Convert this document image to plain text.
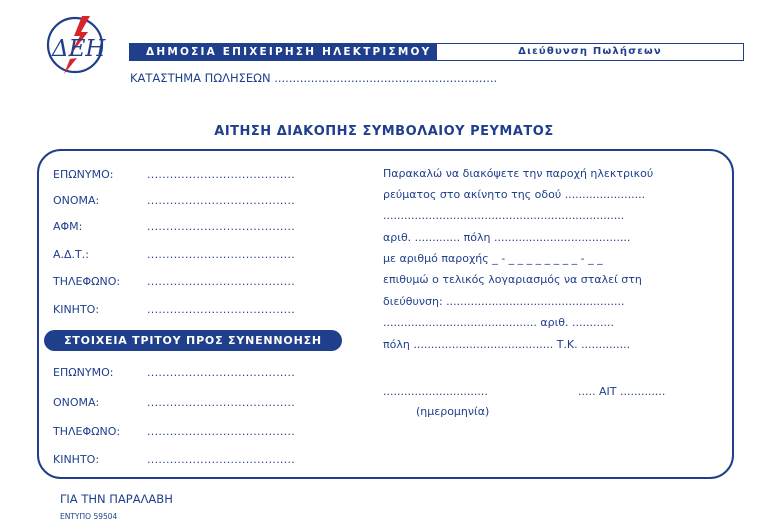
ΔΕΗ	ΔΗΜΟΣΙΑ ΕΠΙΧΕΙΡΗΣΗ ΗΛΕΚΤΡΙΣΜΟΥ Α.Ε.	Διεύθυνση Πωλήσεων
ΚΑΤΑΣΤΗΜΑ ΠΩΛΗΣΕΩΝ .............................................................
ΑΙΤΗΣΗ ΔΙΑΚΟΠΗΣ ΣΥΜΒΟΛΑΙΟΥ ΡΕΥΜΑΤΟΣ
ΕΠΩΝΥΜΟ:	.......................................
ΟΝΟΜΑ:	.......................................
ΑΦΜ:	.......................................
Α.Δ.Τ.:	.......................................
ΤΗΛΕΦΩΝΟ: .......................................
ΚΙΝΗΤΟ:	.......................................
ΣΤΟΙΧΕΙΑ ΤΡΙΤΟΥ ΠΡΟΣ ΣΥΝΕΝΝΟΗΣΗ
ΕΠΩΝΥΜΟ:	.......................................
ΟΝΟΜΑ:	.......................................
ΤΗΛΕΦΩΝΟ: .......................................
ΚΙΝΗΤΟ:	.......................................
Παρακαλώ να διακόψετε την παροχή ηλεκτρικού
ρεύματος στο ακίνητο της οδού .......................
.....................................................................
αριθ. ............. πόλη .......................................
με αριθμό παροχής _ - _ _ _ _ _ _ _ _ - _ _
επιθυμώ ο τελικός λογαριασμός να σταλεί στη
διεύθυνση: ...................................................
............................................ αριθ. ............
πόλη ........................................ Τ.Κ. ..............
..............................	..... ΑΙΤ .............
(ημερομηνία)
ΓΙΑ ΤΗΝ ΠΑΡΑΛΑΒΗ
ΕΝΤΥΠΟ 59504
